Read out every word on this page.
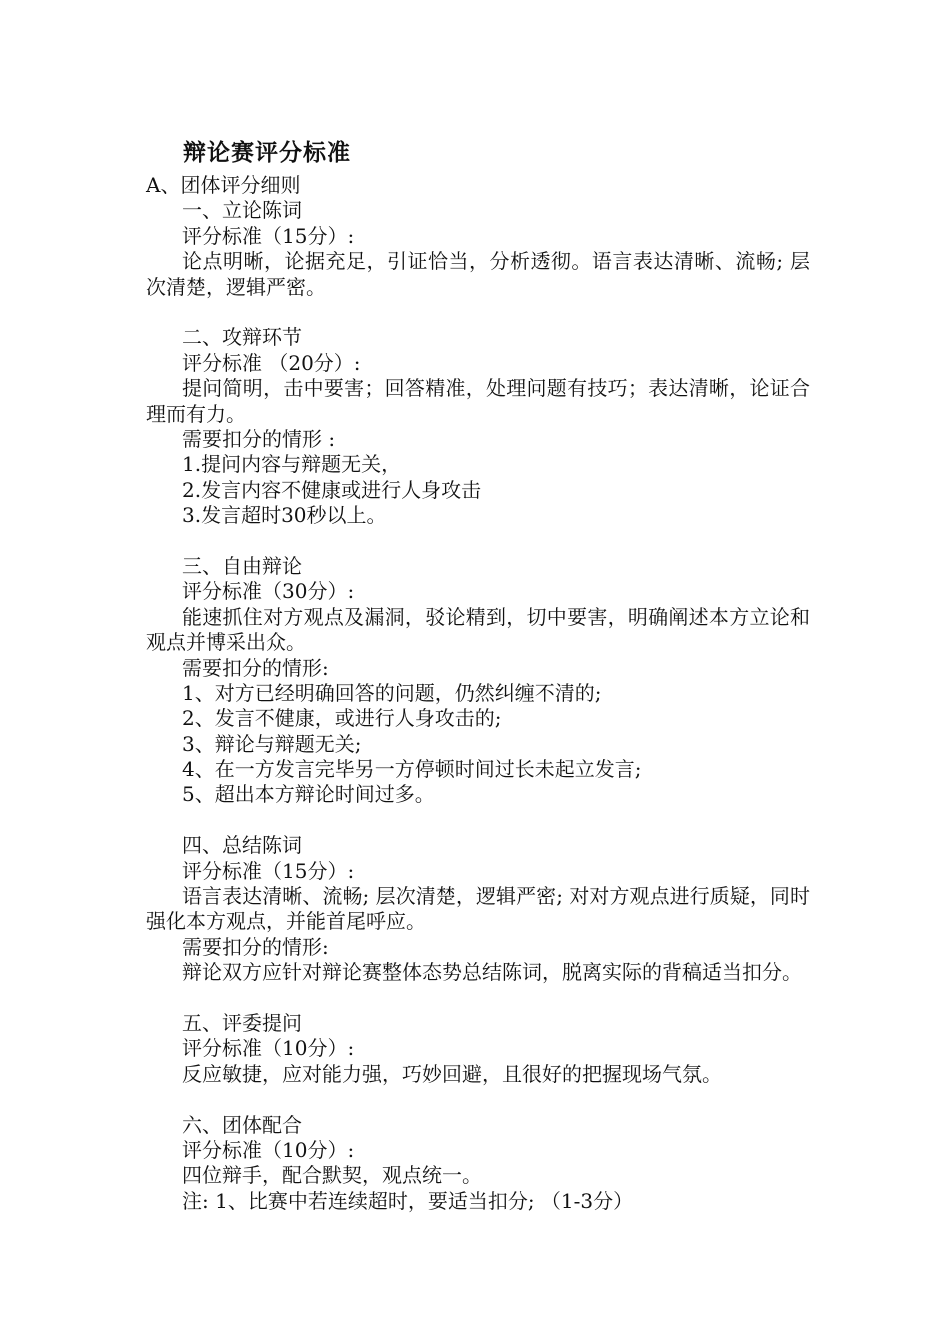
辩论赛评分标准
A、团体评分细则
一、立论陈词
评分标准（15分）:
论点明晰，论据充足，引证恰当，分析透彻。语言表达清晰、流畅; 层次清楚，逻辑严密。
二、攻辩环节
评分标准 （20分）:
提问简明，击中要害；回答精准，处理问题有技巧；表达清晰，论证合理而有力。
需要扣分的情形 :
1.提问内容与辩题无关，
2.发言内容不健康或进行人身攻击
3.发言超时30秒以上。
三、自由辩论
评分标准（30分）:
能速抓住对方观点及漏洞，驳论精到，切中要害，明确阐述本方立论和观点并博采出众。
需要扣分的情形:
1、对方已经明确回答的问题，仍然纠缠不清的;
2、发言不健康，或进行人身攻击的;
3、辩论与辩题无关;
4、在一方发言完毕另一方停顿时间过长未起立发言;
5、超出本方辩论时间过多。
四、总结陈词
评分标准（15分）:
语言表达清晰、流畅; 层次清楚，逻辑严密; 对对方观点进行质疑，同时强化本方观点，并能首尾呼应。
需要扣分的情形:
辩论双方应针对辩论赛整体态势总结陈词，脱离实际的背稿适当扣分。
五、评委提问
评分标准（10分）:
反应敏捷，应对能力强，巧妙回避，且很好的把握现场气氛。
六、团体配合
评分标准（10分）:
四位辩手，配合默契，观点统一。
注: 1、比赛中若连续超时，要适当扣分; （1-3分）
